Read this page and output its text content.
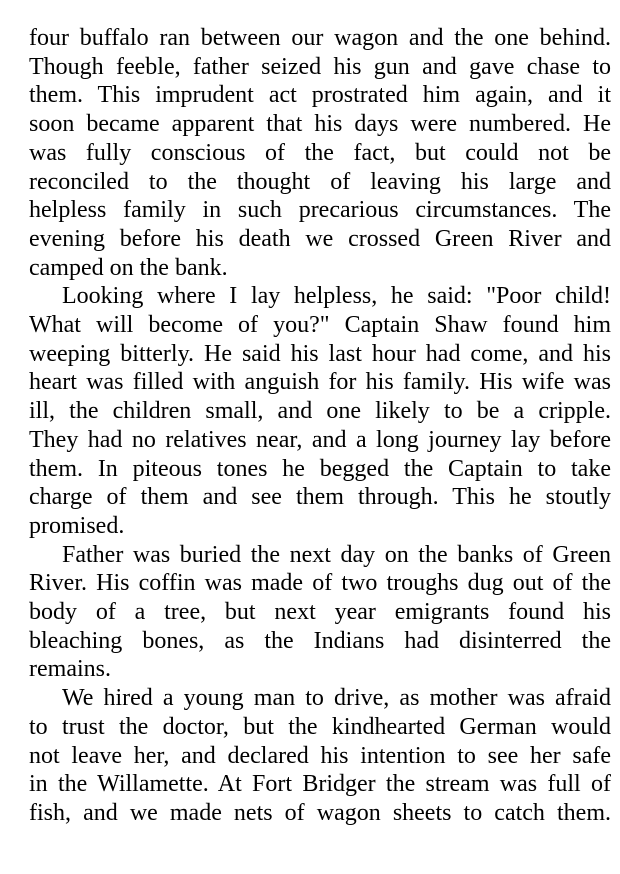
four buffalo ran between our wagon and the one behind.
Though feeble, father seized his gun and gave chase to
them. This imprudent act prostrated him again, and it
soon became apparent that his days were numbered. He
was fully conscious of the fact, but could not be
reconciled to the thought of leaving his large and
helpless family in such precarious circumstances. The
evening before his death we crossed Green River and
camped on the bank.
Looking where I lay helpless, he said: "Poor child!
What will become of you?" Captain Shaw found him
weeping bitterly. He said his last hour had come, and his
heart was filled with anguish for his family. His wife was
ill, the children small, and one likely to be a cripple.
They had no relatives near, and a long journey lay before
them. In piteous tones he begged the Captain to take
charge of them and see them through. This he stoutly
promised.
Father was buried the next day on the banks of Green
River. His coffin was made of two troughs dug out of the
body of a tree, but next year emigrants found his
bleaching bones, as the Indians had disinterred the
remains.
We hired a young man to drive, as mother was afraid
to trust the doctor, but the kindhearted German would
not leave her, and declared his intention to see her safe
in the Willamette. At Fort Bridger the stream was full of
fish, and we made nets of wagon sheets to catch them.
